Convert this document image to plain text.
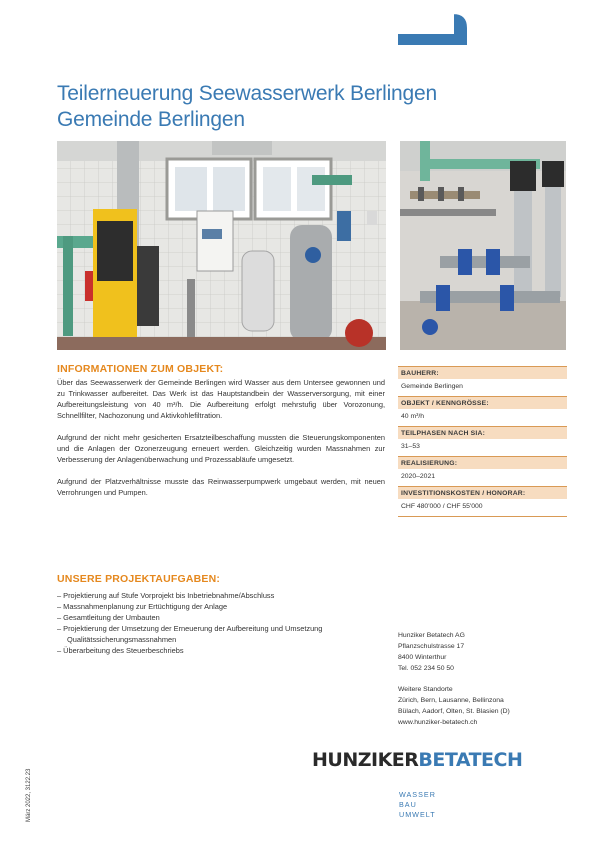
Teilerneuerung Seewasserwerk Berlingen
Gemeinde Berlingen
INFORMATIONEN ZUM OBJEKT:

Über das Seewasserwerk der Gemeinde Berlingen wird Wasser aus dem Untersee gewonnen und zu Trinkwasser aufbereitet. Das Werk ist das Hauptstandbein der Wasserversorgung, mit einer Aufbereitungsleistung von 40 m³/h. Die Aufbereitung erfolgt mehrstufig über Vorozonung, Schnellfilter, Nachozonung und Aktivkohlefiltration.

Aufgrund der nicht mehr gesicherten Ersatzteilbeschaffung mussten die Steuerungskomponenten und die Anlagen der Ozonerzeugung erneuert werden. Gleichzeitig wurden Massnahmen zur Verbesserung der Anlagenüberwachung und Prozessabläufe umgesetzt.

Aufgrund der Platzverhältnisse musste das Reinwasserpumpwerk umgebaut werden, mit neuen Verrohrungen und Pumpen.

BAUHERR:
Gemeinde Berlingen
OBJEKT / KENNGRÖSSE:
40 m³/h
TEILPHASEN NACH SIA:
31–53
REALISIERUNG:
2020–2021
INVESTITIONSKOSTEN / HONORAR:
CHF 480'000 / CHF 55'000
UNSERE PROJEKTAUFGABEN:
– Projektierung auf Stufe Vorprojekt bis Inbetriebnahme/Abschluss
– Massnahmenplanung zur Ertüchtigung der Anlage
– Gesamtleitung der Umbauten
– Projektierung der Umsetzung der Erneuerung der Aufbereitung und Umsetzung Qualitätssicherungsmassnahmen
– Überarbeitung des Steuerbeschriebs
Hunziker Betatech AG
Pflanzschulstrasse 17
8400 Winterthur
Tel. 052 234 50 50
Weitere Standorte
Zürich, Bern, Lausanne, Bellinzona
Bülach, Aadorf, Olten, St. Blasien (D)
www.hunziker-betatech.ch
HUNZIKERBETATECH
WASSER
BAU
UMWELT
März 2022, 3122.23
